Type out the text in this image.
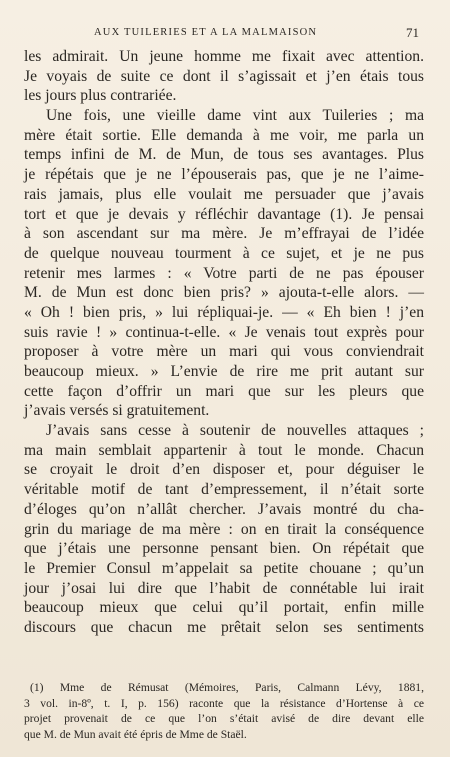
AUX TUILERIES ET A LA MALMAISON	71
les admirait. Un jeune homme me fixait avec attention.
Je voyais de suite ce dont il s’agissait et j’en étais tous
les jours plus contrariée.
Une fois, une vieille dame vint aux Tuileries ; ma
mère était sortie. Elle demanda à me voir, me parla un
temps infini de M. de Mun, de tous ses avantages. Plus
je répétais que je ne l’épouserais pas, que je ne l’aime-
rais jamais, plus elle voulait me persuader que j’avais
tort et que je devais y réfléchir davantage (1). Je pensai
à son ascendant sur ma mère. Je m’effrayai de l’idée
de quelque nouveau tourment à ce sujet, et je ne pus
retenir mes larmes : « Votre parti de ne pas épouser
M. de Mun est donc bien pris? » ajouta-t-elle alors. —
« Oh ! bien pris, » lui répliquai-je. — « Eh bien ! j’en
suis ravie ! » continua-t-elle. « Je venais tout exprès pour
proposer à votre mère un mari qui vous conviendrait
beaucoup mieux. » L’envie de rire me prit autant sur
cette façon d’offrir un mari que sur les pleurs que
j’avais versés si gratuitement.
J’avais sans cesse à soutenir de nouvelles attaques ;
ma main semblait appartenir à tout le monde. Chacun
se croyait le droit d’en disposer et, pour déguiser le
véritable motif de tant d’empressement, il n’était sorte
d’éloges qu’on n’allât chercher. J’avais montré du cha-
grin du mariage de ma mère : on en tirait la conséquence
que j’étais une personne pensant bien. On répétait que
le Premier Consul m’appelait sa petite chouane ; qu’un
jour j’osai lui dire que l’habit de connétable lui irait
beaucoup mieux que celui qu’il portait, enfin mille
discours que chacun me prêtait selon ses sentiments
(1) Mme de Rémusat (Mémoires, Paris, Calmann Lévy, 1881,
3 vol. in-8º, t. I, p. 156) raconte que la résistance d’Hortense à ce
projet provenait de ce que l’on s’était avisé de dire devant elle
que M. de Mun avait été épris de Mme de Staël.
